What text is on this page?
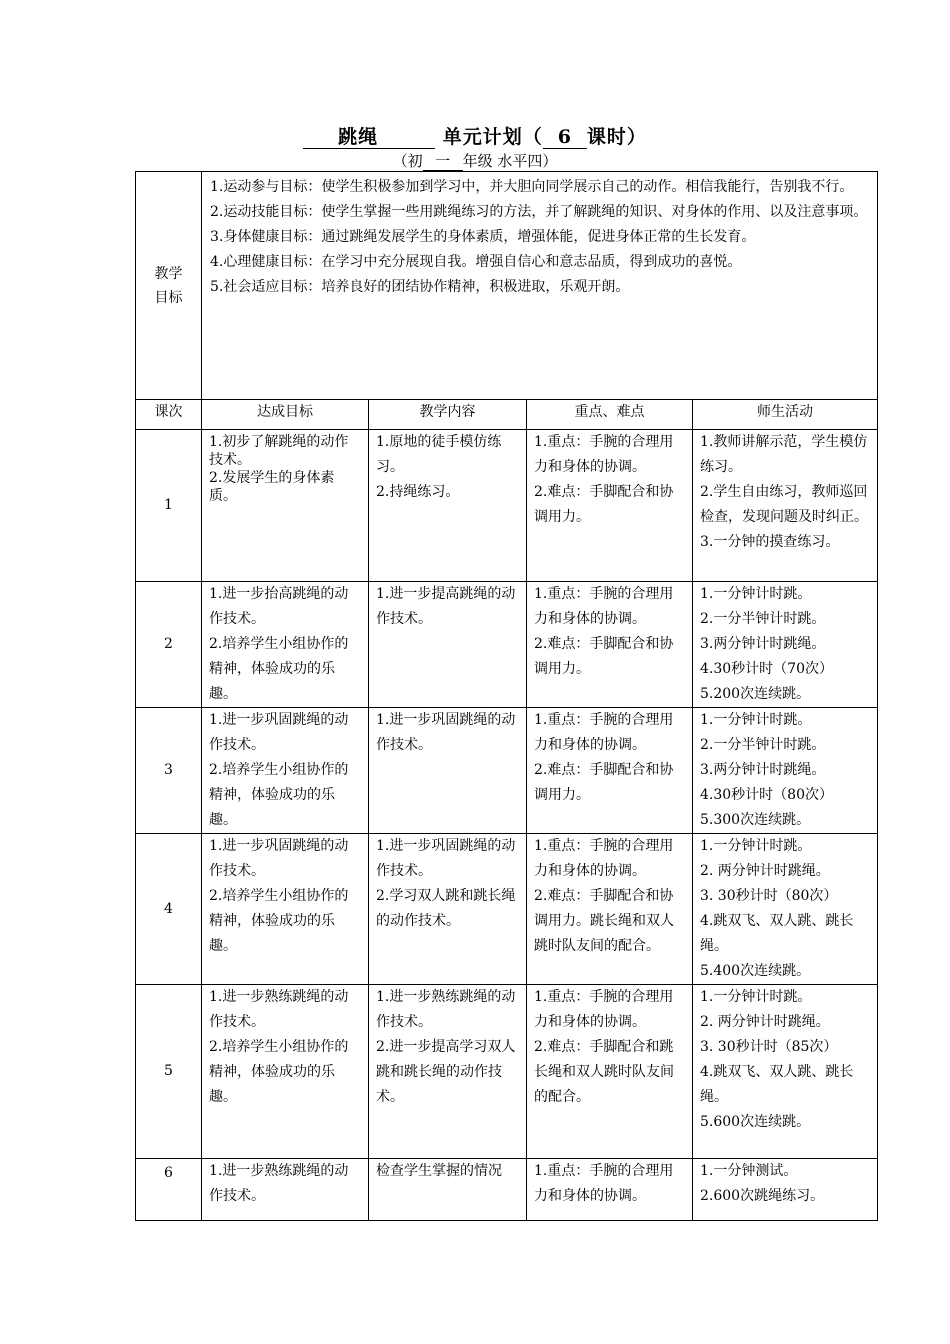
跳绳	单元计划（ 6 课时）
（初 一 年级 水平四）
教学
目标	1.运动参与目标：使学生积极参加到学习中，并大胆向同学展示自己的动作。相信我能行，告别我不行。
2.运动技能目标：使学生掌握一些用跳绳练习的方法，并了解跳绳的知识、对身体的作用、以及注意事项。
3.身体健康目标：通过跳绳发展学生的身体素质，增强体能，促进身体正常的生长发育。
4.心理健康目标：在学习中充分展现自我。增强自信心和意志品质，得到成功的喜悦。
5.社会适应目标：培养良好的团结协作精神，积极进取，乐观开朗。			

课次	达成目标	教学内容	重点、难点	师生活动
1	1.初步了解跳绳的动作技术。
2.发展学生的身体素质。	1.原地的徒手模仿练习。
2.持绳练习。	1.重点：手腕的合理用力和身体的协调。
2.难点：手脚配合和协调用力。	1.教师讲解示范，学生模仿练习。
2.学生自由练习，教师巡回检查，发现问题及时纠正。
3.一分钟的摸查练习。

2	1.进一步抬高跳绳的动作技术。
2.培养学生小组协作的精神，体验成功的乐趣。	1.进一步提高跳绳的动作技术。	1.重点：手腕的合理用力和身体的协调。
2.难点：手脚配合和协调用力。	1.一分钟计时跳。
2.一分半钟计时跳。
3.两分钟计时跳绳。
4.30秒计时（70次）
5.200次连续跳。

3	1.进一步巩固跳绳的动作技术。
2.培养学生小组协作的精神，体验成功的乐趣。	1.进一步巩固跳绳的动作技术。	1.重点：手腕的合理用力和身体的协调。
2.难点：手脚配合和协调用力。	1.一分钟计时跳。
2.一分半钟计时跳。
3.两分钟计时跳绳。
4.30秒计时（80次）
5.300次连续跳。

4	1.进一步巩固跳绳的动作技术。
2.培养学生小组协作的精神，体验成功的乐趣。	1.进一步巩固跳绳的动作技术。
2.学习双人跳和跳长绳的动作技术。	1.重点：手腕的合理用力和身体的协调。
2.难点：手脚配合和协调用力。跳长绳和双人跳时队友间的配合。	1.一分钟计时跳。
2. 两分钟计时跳绳。
3. 30秒计时（80次）
4.跳双飞、双人跳、跳长绳。
5.400次连续跳。

5	1.进一步熟练跳绳的动作技术。
2.培养学生小组协作的精神，体验成功的乐趣。	1.进一步熟练跳绳的动作技术。
2.进一步提高学习双人跳和跳长绳的动作技术。	1.重点：手腕的合理用力和身体的协调。
2.难点：手脚配合和跳长绳和双人跳时队友间的配合。	1.一分钟计时跳。
2. 两分钟计时跳绳。
3. 30秒计时（85次）
4.跳双飞、双人跳、跳长绳。
5.600次连续跳。

6	1.进一步熟练跳绳的动作技术。	检查学生掌握的情况	1.重点：手腕的合理用力和身体的协调。	1.一分钟测试。
2.600次跳绳练习。
